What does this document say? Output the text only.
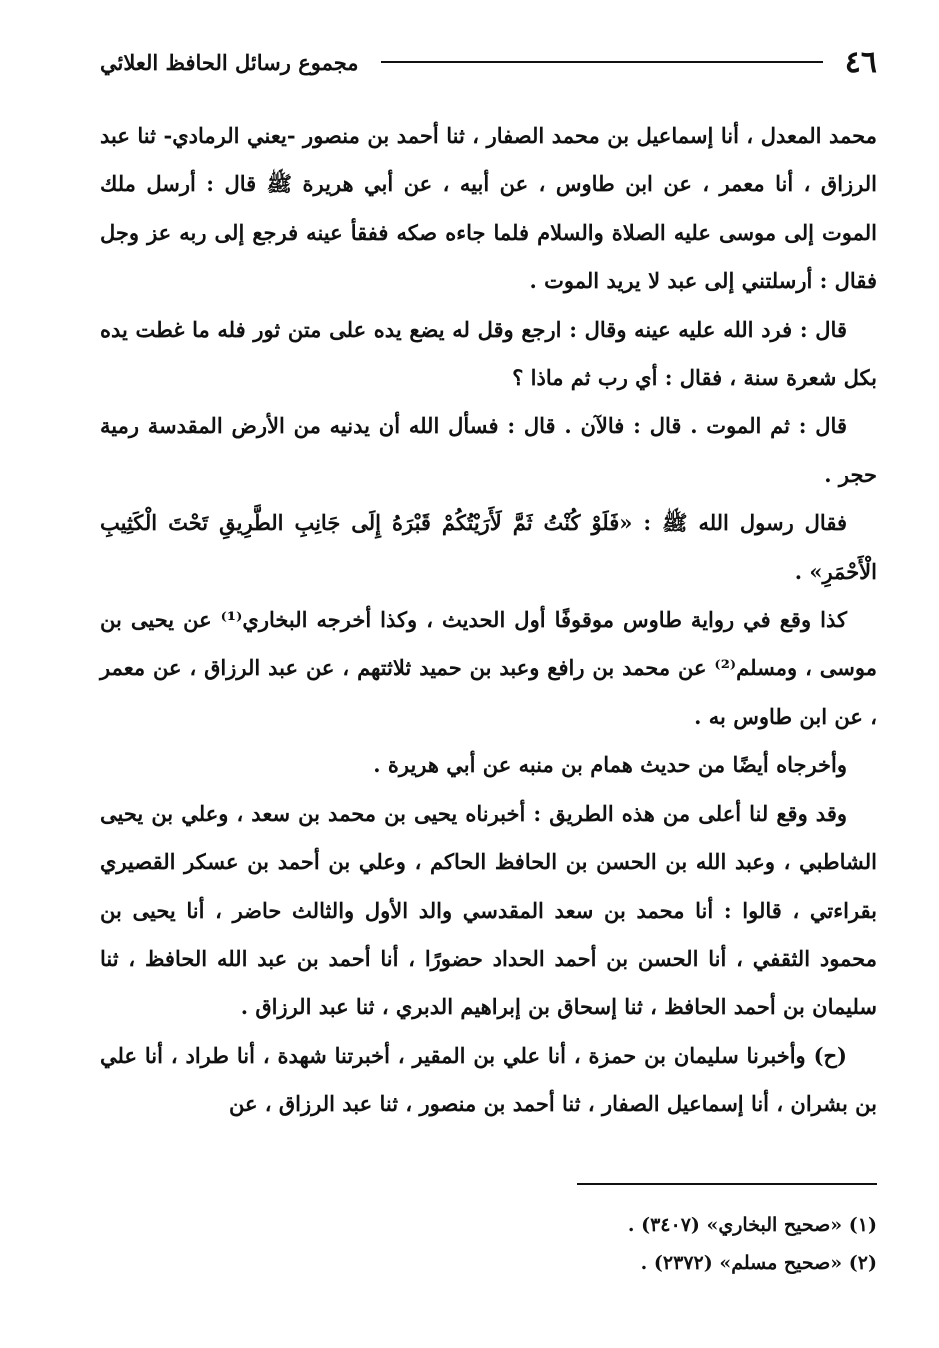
٤٦
مجموع رسائل الحافظ العلائي

محمد المعدل ، أنا إسماعيل بن محمد الصفار ، ثنا أحمد بن منصور -يعني الرمادي- ثنا عبد الرزاق ، أنا معمر ، عن ابن طاوس ، عن أبيه ، عن أبي هريرة ﷺ قال : أرسل ملك الموت إلى موسى عليه الصلاة والسلام فلما جاءه صكه ففقأ عينه فرجع إلى ربه عز وجل فقال : أرسلتني إلى عبد لا يريد الموت .

قال : فرد الله عليه عينه وقال : ارجع وقل له يضع يده على متن ثور فله ما غطت يده بكل شعرة سنة ، فقال : أي رب ثم ماذا ؟

قال : ثم الموت . قال : فالآن . قال : فسأل الله أن يدنيه من الأرض المقدسة رمية حجر .

فقال رسول الله ﷺ : «فَلَوْ كُنْتُ ثَمَّ لَأَرَيْتُكُمْ قَبْرَهُ إِلَى جَانِبِ الطَّرِيقِ تَحْتَ الْكَثِيبِ الْأَحْمَرِ» .

كذا وقع في رواية طاوس موقوفًا أول الحديث ، وكذا أخرجه البخاري⁽¹⁾ عن يحيى بن موسى ، ومسلم⁽²⁾ عن محمد بن رافع وعبد بن حميد ثلاثتهم ، عن عبد الرزاق ، عن معمر ، عن ابن طاوس به .

وأخرجاه أيضًا من حديث همام بن منبه عن أبي هريرة .

وقد وقع لنا أعلى من هذه الطريق : أخبرناه يحيى بن محمد بن سعد ، وعلي بن يحيى الشاطبي ، وعبد الله بن الحسن بن الحافظ الحاكم ، وعلي بن أحمد بن عسكر القصيري بقراءتي ، قالوا : أنا محمد بن سعد المقدسي والد الأول والثالث حاضر ، أنا يحيى بن محمود الثقفي ، أنا الحسن بن أحمد الحداد حضورًا ، أنا أحمد بن عبد الله الحافظ ، ثنا سليمان بن أحمد الحافظ ، ثنا إسحاق بن إبراهيم الدبري ، ثنا عبد الرزاق .

(ح) وأخبرنا سليمان بن حمزة ، أنا علي بن المقير ، أخبرتنا شهدة ، أنا طراد ، أنا علي بن بشران ، أنا إسماعيل الصفار ، ثنا أحمد بن منصور ، ثنا عبد الرزاق ، عن

(١) «صحيح البخاري» (٣٤٠٧) .

(٢) «صحيح مسلم» (٢٣٧٢) .
